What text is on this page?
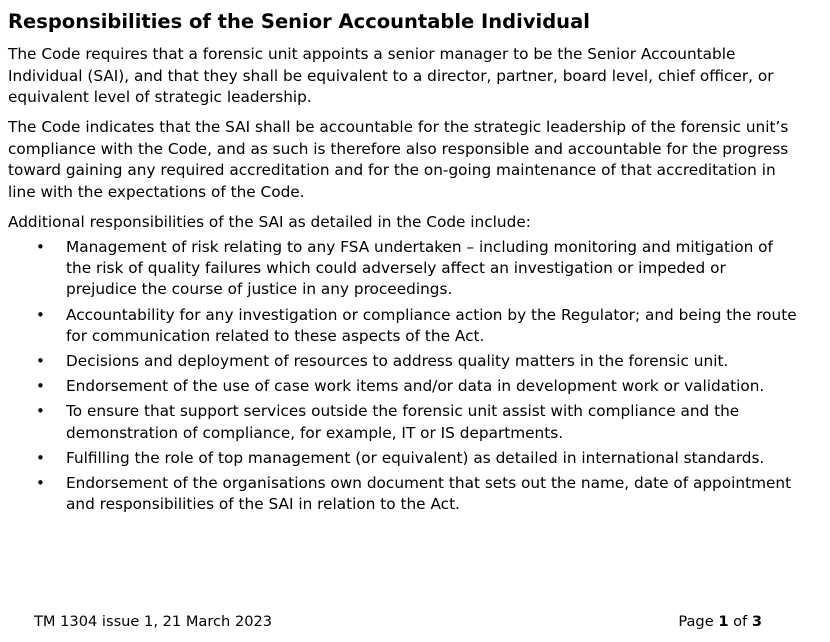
Responsibilities of the Senior Accountable Individual

The Code requires that a forensic unit appoints a senior manager to be the Senior Accountable Individual (SAI), and that they shall be equivalent to a director, partner, board level, chief officer, or equivalent level of strategic leadership.

The Code indicates that the SAI shall be accountable for the strategic leadership of the forensic unit’s compliance with the Code, and as such is therefore also responsible and accountable for the progress toward gaining any required accreditation and for the on-going maintenance of that accreditation in line with the expectations of the Code.

Additional responsibilities of the SAI as detailed in the Code include:

• Management of risk relating to any FSA undertaken – including monitoring and mitigation of the risk of quality failures which could adversely affect an investigation or impeded or prejudice the course of justice in any proceedings.
• Accountability for any investigation or compliance action by the Regulator; and being the route for communication related to these aspects of the Act.
• Decisions and deployment of resources to address quality matters in the forensic unit.
• Endorsement of the use of case work items and/or data in development work or validation.
• To ensure that support services outside the forensic unit assist with compliance and the demonstration of compliance, for example, IT or IS departments.
• Fulfilling the role of top management (or equivalent) as detailed in international standards.
• Endorsement of the organisations own document that sets out the name, date of appointment and responsibilities of the SAI in relation to the Act.
TM 1304 issue 1, 21 March 2023	Page 1 of 3
